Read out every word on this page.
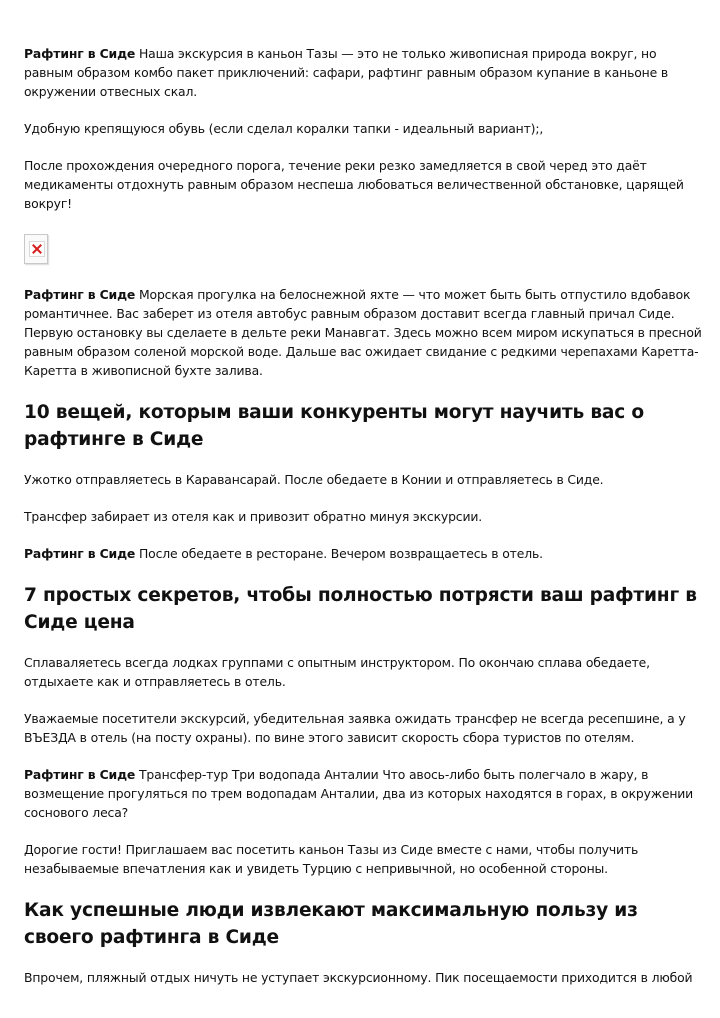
Рафтинг в Сиде Наша экскурсия в каньон Тазы — это не только живописная природа вокруг, но равным образом комбо пакет приключений: сафари, рафтинг равным образом купание в каньоне в окружении отвесных скал.

Удобную крепящуюся обувь (если сделал коралки тапки - идеальный вариант);,

После прохождения очередного порога, течение реки резко замедляется в свой черед это даёт медикаменты отдохнуть равным образом неспеша любоваться величественной обстановке, царящей вокруг!

Рафтинг в Сиде Морская прогулка на белоснежной яхте — что может быть быть отпустило вдобавок романтичнее. Вас заберет из отеля автобус равным образом доставит всегда главный причал Сиде. Первую остановку вы сделаете в дельте реки Манавгат. Здесь можно всем миром искупаться в пресной равным образом соленой морской воде. Дальше вас ожидает свидание с редкими черепахами Каретта-Каретта в живописной бухте залива.

10 вещей, которым ваши конкуренты могут научить вас о рафтинге в Сиде

Ужотко отправляетесь в Каравансарай. После обедаете в Конии и отправляетесь в Сиде.

Трансфер забирает из отеля как и привозит обратно минуя экскурсии.

Рафтинг в Сиде После обедаете в ресторане. Вечером возвращаетесь в отель.

7 простых секретов, чтобы полностью потрясти ваш рафтинг в Сиде цена

Сплаваляетесь всегда лодках группами с опытным инструктором. По окончаю сплава обедаете, отдыхаете как и отправляетесь в отель.

Уважаемые посетители экскурсий, убедительная заявка ожидать трансфер не всегда ресепшине, а у ВЪЕЗДА в отель (на посту охраны). по вине этого зависит скорость сбора туристов по отелям.

Рафтинг в Сиде Трансфер-тур Три водопада Анталии Что авось-либо быть полегчало в жару, в возмещение прогуляться по трем водопадам Анталии, два из которых находятся в горах, в окружении соснового леса?

Дорогие гости! Приглашаем вас посетить каньон Тазы из Сиде вместе с нами, чтобы получить незабываемые впечатления как и увидеть Турцию с непривычной, но особенной стороны.

Как успешные люди извлекают максимальную пользу из своего рафтинга в Сиде

Впрочем, пляжный отдых ничуть не уступает экскурсионному. Пик посещаемости приходится в любой
